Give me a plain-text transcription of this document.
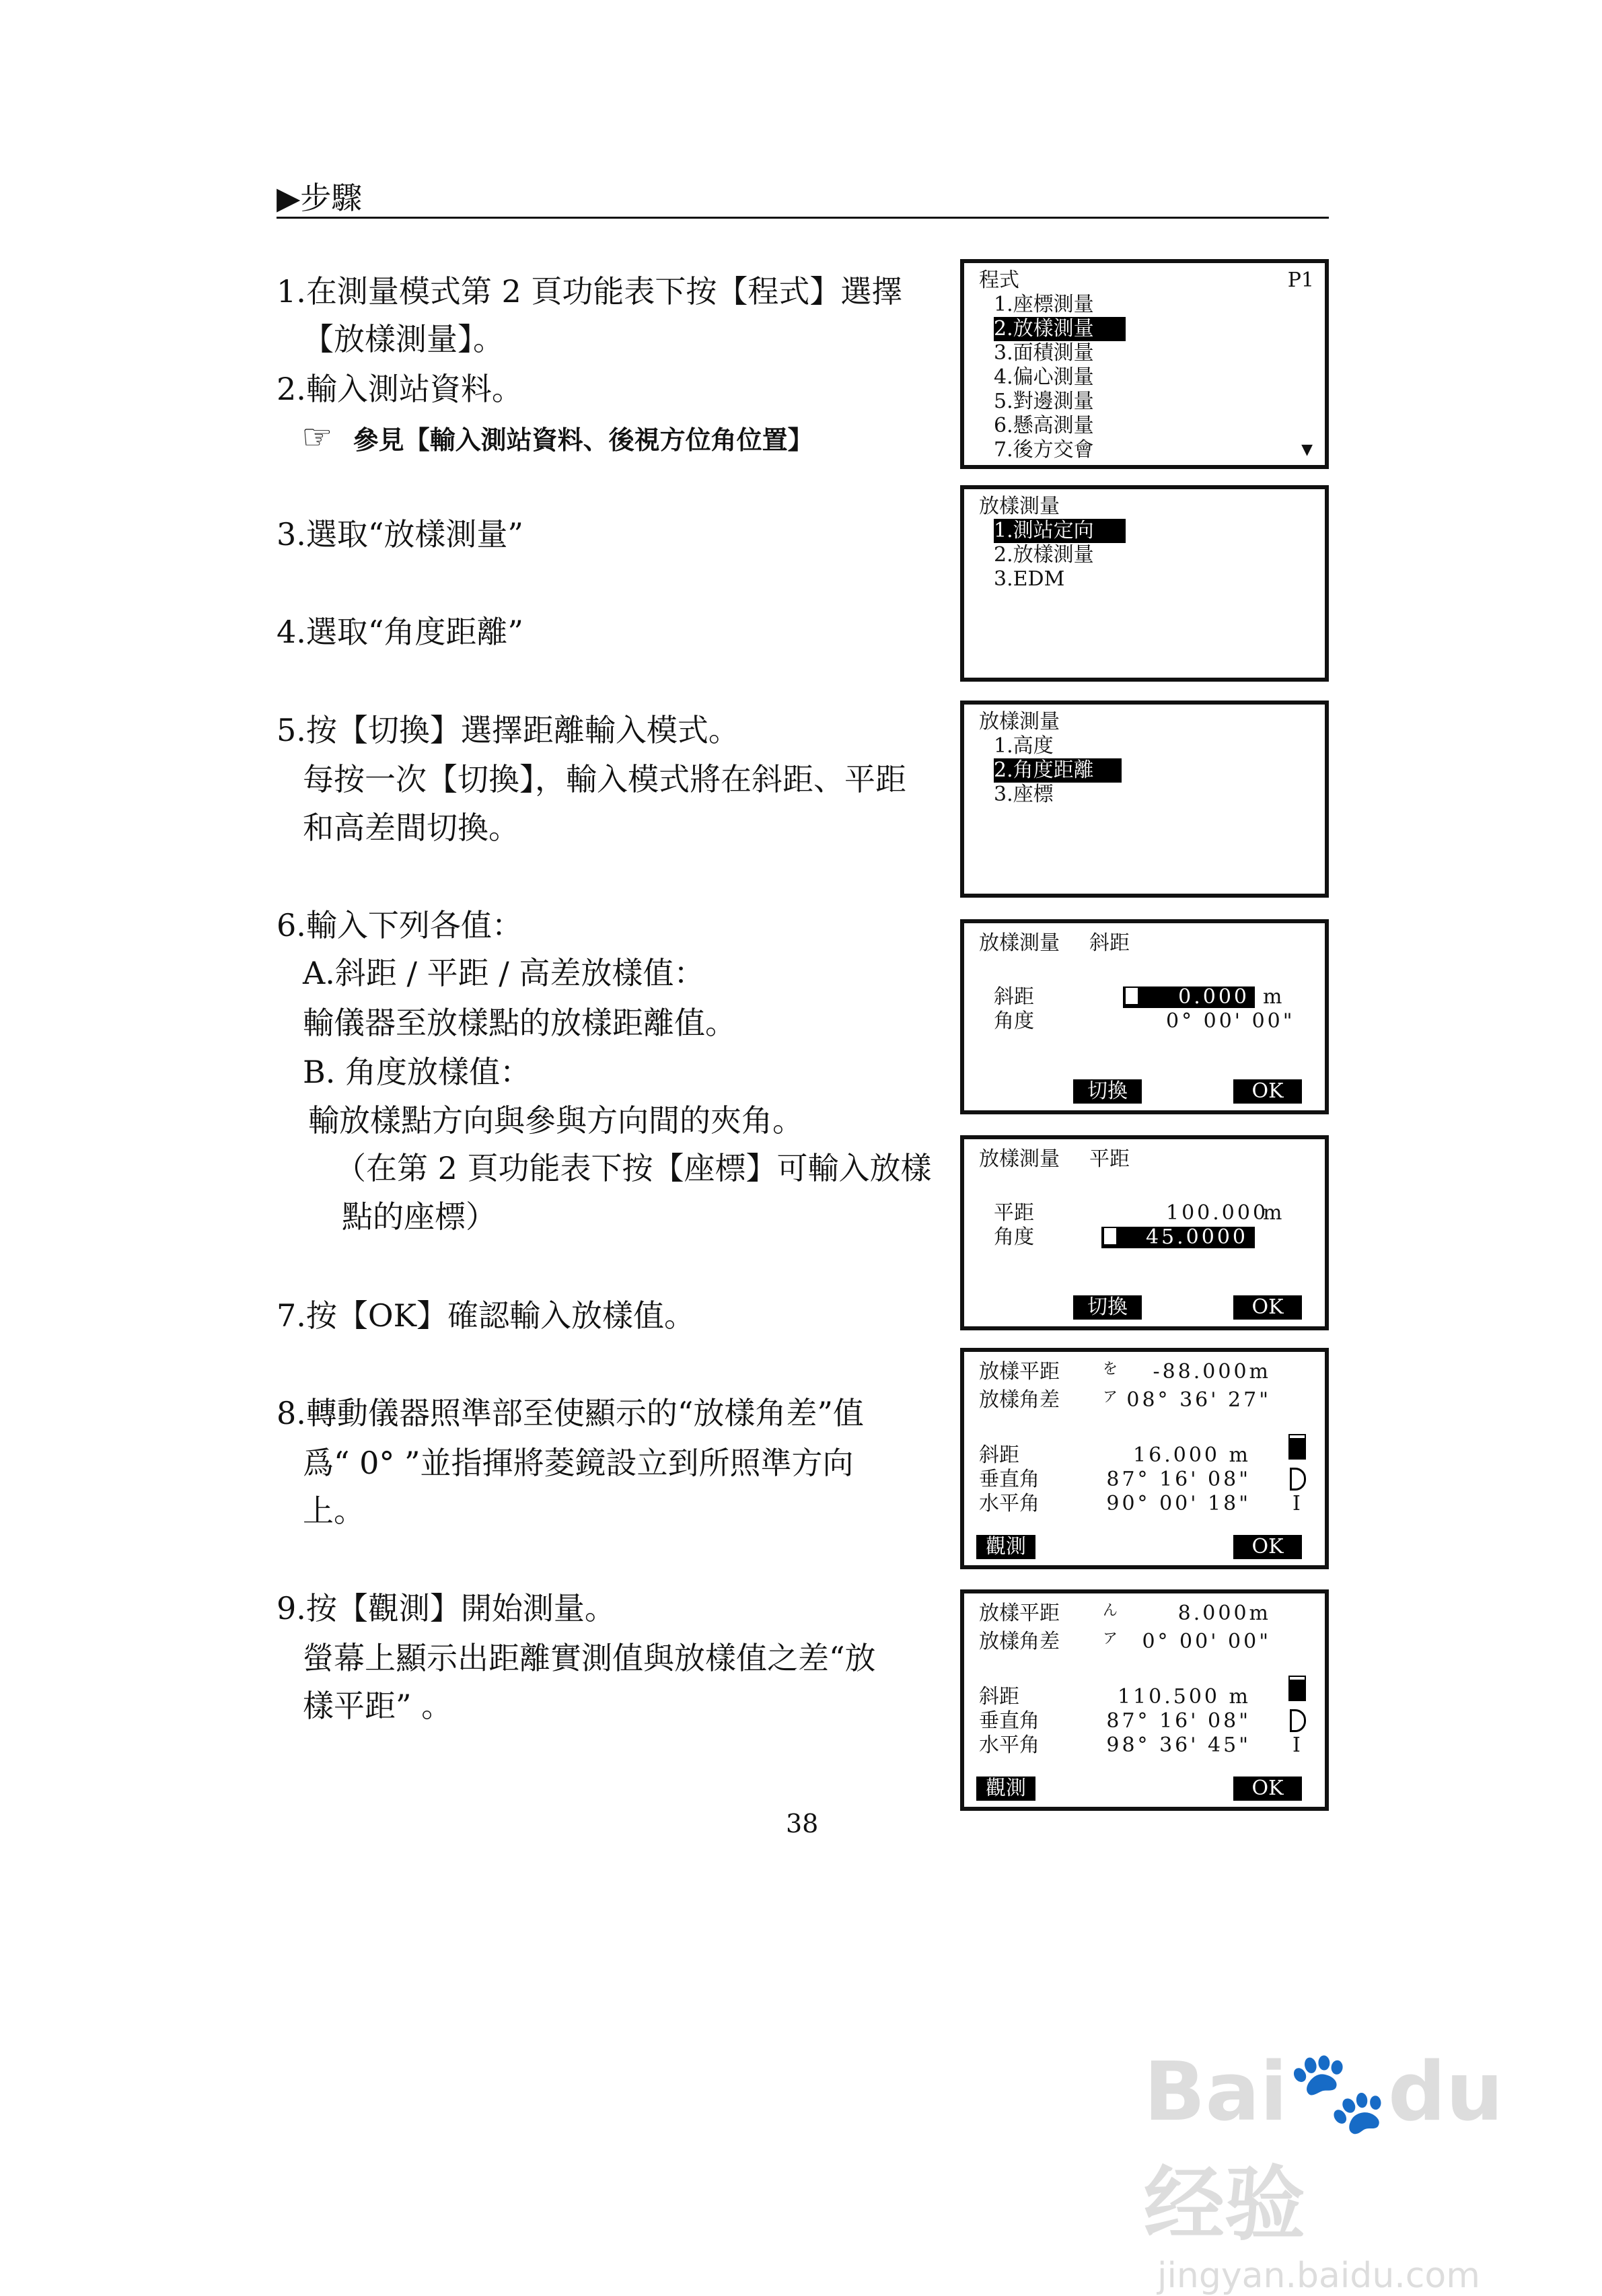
▶步驟
1.在測量模式第 2 頁功能表下按【程式】選擇
【放樣測量】。
2.輸入測站資料。
3.選取“放樣測量”
4.選取“角度距離”
5.按【切換】選擇距離輸入模式。
每按一次【切換】，輸入模式將在斜距、平距
和高差間切換。
6.輸入下列各值：
A.斜距 / 平距 / 高差放樣值：
輸儀器至放樣點的放樣距離值。
B. 角度放樣值：
輸放樣點方向與參與方向間的夾角。
（在第 2 頁功能表下按【座標】可輸入放樣
點的座標）
7.按【OK】確認輸入放樣值。
8.轉動儀器照準部至使顯示的“放樣角差”值
爲“ 0° ”並指揮將菱鏡設立到所照準方向
上。
9.按【觀測】開始測量。
螢幕上顯示出距離實測值與放樣值之差“放
樣平距” 。
☞ 參見【輸入測站資料、後視方位角位置】
程式	P1
1.座標測量
2.放樣測量
3.面積測量
4.偏心測量
5.對邊測量
6.懸高測量
7.後方交會	▼
放樣測量
1.測站定向
2.放樣測量
3.EDM
放樣測量
1.高度
2.角度距離
3.座標
放樣測量 斜距
斜距	0.000 m
角度	0° 00' 00"
切換	OK
放樣測量 平距
平距	100.000
m
角度	45.0000
切換	OK
放樣平距	-88.000m
を
放樣角差	08° 36' 27"
ア
斜距	16.000 m
垂直角	87° 16' 08"
水平角	90° 00' 18" I
觀測	OK
放樣平距	8.000m
ん
放樣角差	0° 00' 00"
ア
斜距	110.500 m
垂直角	87° 16' 08"
水平角	98° 36' 45" I
觀測	OK
38
Bai🐾du 经验
jingyan.baidu.com
